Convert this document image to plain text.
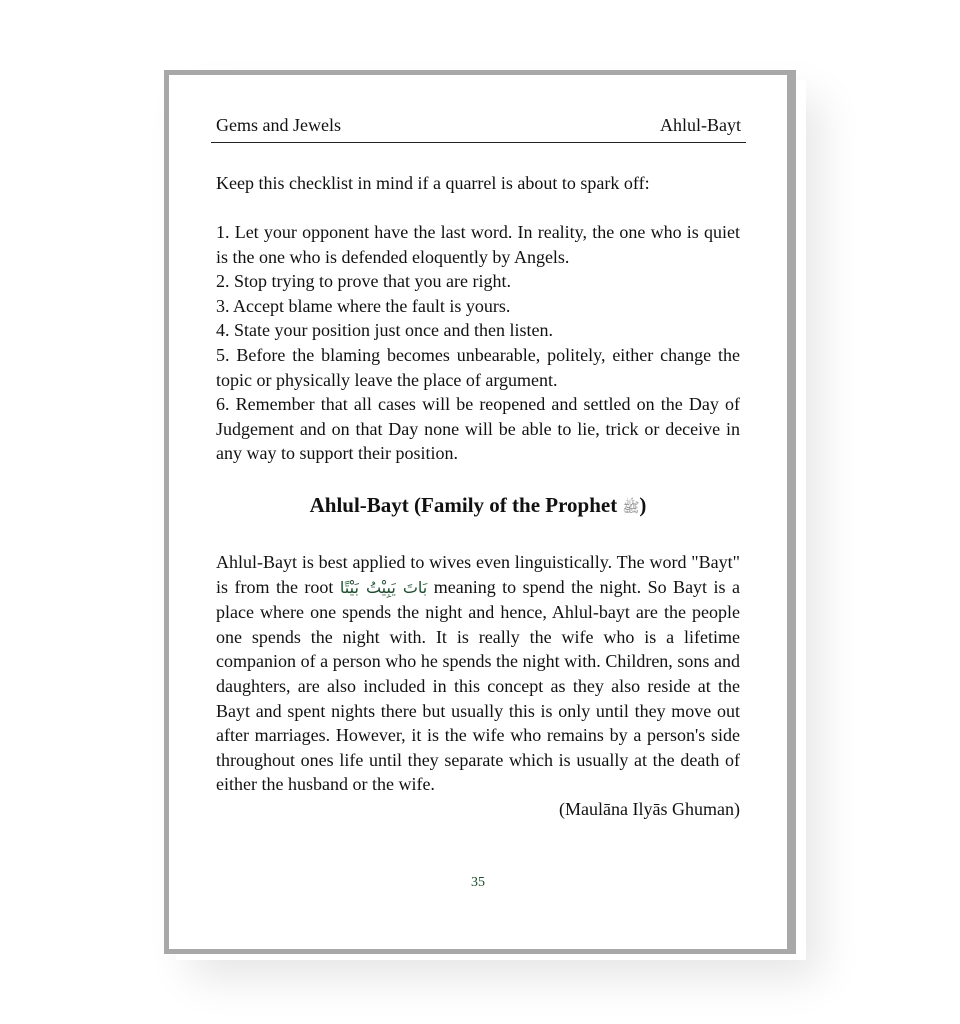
Gems and Jewels	Ahlul-Bayt
Keep this checklist in mind if a quarrel is about to spark off:
1. Let your opponent have the last word. In reality, the one who is quiet is the one who is defended eloquently by Angels.
2. Stop trying to prove that you are right.
3. Accept blame where the fault is yours.
4. State your position just once and then listen.
5. Before the blaming becomes unbearable, politely, either change the topic or physically leave the place of argument.
6. Remember that all cases will be reopened and settled on the Day of Judgement and on that Day none will be able to lie, trick or deceive in any way to support their position.
Ahlul-Bayt (Family of the Prophet ﷺ)
Ahlul-Bayt is best applied to wives even linguistically. The word "Bayt" is from the root بَاتَ يَبِيْتُ بَيْتًا meaning to spend the night. So Bayt is a place where one spends the night and hence, Ahlul-bayt are the people one spends the night with. It is really the wife who is a lifetime companion of a person who he spends the night with. Children, sons and daughters, are also included in this concept as they also reside at the Bayt and spent nights there but usually this is only until they move out after marriages. However, it is the wife who remains by a person's side throughout ones life until they separate which is usually at the death of either the husband or the wife.
(Maulāna Ilyās Ghuman)
35
